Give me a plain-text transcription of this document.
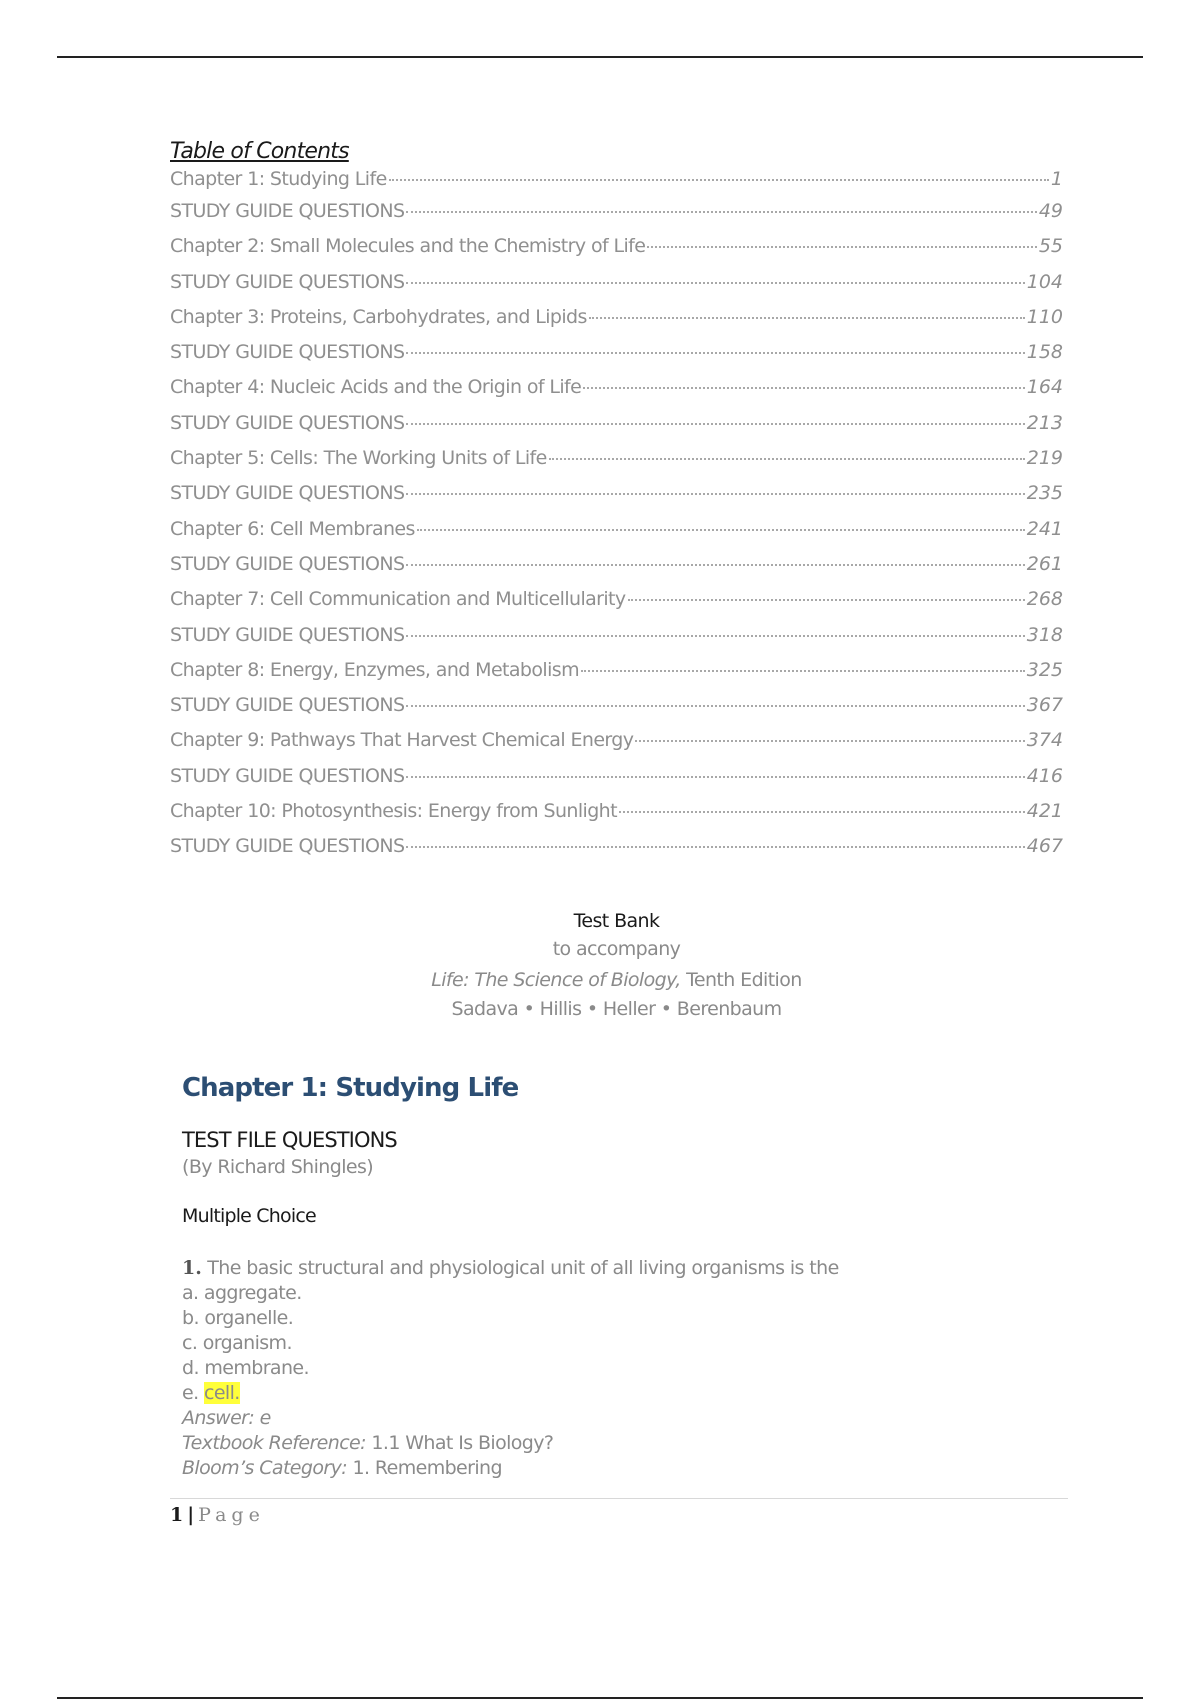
Table of Contents
Chapter 1: Studying Life	1
STUDY GUIDE QUESTIONS	49
Chapter 2: Small Molecules and the Chemistry of Life	55
STUDY GUIDE QUESTIONS	104
Chapter 3: Proteins, Carbohydrates, and Lipids	110
STUDY GUIDE QUESTIONS	158
Chapter 4: Nucleic Acids and the Origin of Life	164
STUDY GUIDE QUESTIONS	213
Chapter 5: Cells: The Working Units of Life	219
STUDY GUIDE QUESTIONS	235
Chapter 6: Cell Membranes	241
STUDY GUIDE QUESTIONS	261
Chapter 7: Cell Communication and Multicellularity	268
STUDY GUIDE QUESTIONS	318
Chapter 8: Energy, Enzymes, and Metabolism	325
STUDY GUIDE QUESTIONS	367
Chapter 9: Pathways That Harvest Chemical Energy	374
STUDY GUIDE QUESTIONS	416
Chapter 10: Photosynthesis: Energy from Sunlight	421
STUDY GUIDE QUESTIONS	467
Test Bank
to accompany
Life: The Science of Biology, Tenth Edition
Sadava • Hillis • Heller • Berenbaum
Chapter 1: Studying Life
TEST FILE QUESTIONS
(By Richard Shingles)
Multiple Choice
1. The basic structural and physiological unit of all living organisms is the
a. aggregate.
b. organelle.
c. organism.
d. membrane.
e. cell.
Answer: e
Textbook Reference: 1.1 What Is Biology?
Bloom’s Category: 1. Remembering
1 | Page
